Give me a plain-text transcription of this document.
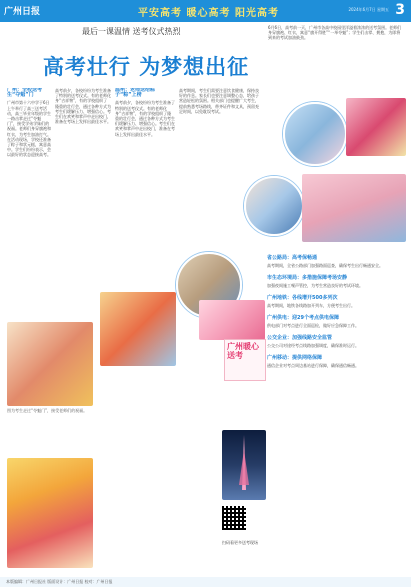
广州日报	平安高考 暖心高考 阳光高考	2024年6月7日 星期五 3
最后一课温情 送考仪式热烈	6月6日，高考前一天，广州市各高中校园里洋溢着浓浓的送考氛围。老师们身穿旗袍、红衣，寓意“旗开得胜”“一举夺魁”；学生们击掌、拥抱，为即将到来的考试加油鼓劲。
高考壮行 为梦想出征
广州：全校送考生“夺魁”门
广州市第十六中学于6日上午举行了高三送考活动，高三毕业年级的学生一路击掌走过“夺魁门”，接受学弟学妹们的祝福。老师们身穿旗袍和红衣，为考生加油打气。在活动现场，学校还准备了粽子和状元糕，寓意高中。学生们纷纷表示，会以最好的状态迎接高考。
高考前夕，各校纷纷为考生准备了特别的送考仪式。有的老师化身“吉祥物”，有的学校组织了隆重的壮行会，通过各种方式为考生们缓解压力、增强信心。考生们在欢笑和掌声中走出校门，准备在考场上发挥出最佳水平。
温州：老师送给粽子“粽”上榜
高考前夕，各校纷纷为考生准备了特别的送考仪式。有的老师化身“吉祥物”，有的学校组织了隆重的壮行会，通过各种方式为考生们缓解压力、增强信心。考生们在欢笑和掌声中走出校门，准备在考场上发挥出最佳水平。
高考期间，考生们需要注意饮食健康，保持良好的作息。家长们也要注意调整心态，给孩子营造轻松的氛围。相关部门也提醒广大考生，提前熟悉考场路线，带齐证件和文具，预留充足时间，以免耽误考试。
图为考生走过“夺魁门”，接受老师们的祝福。
广州暖心送考
扫码看更多送考现场
省公路局：高考保畅通

高考期间，全省公路部门加强路面巡查，确保考生出行畅通安全。

市生态环境局：多措施保障考场安静

加强夜间施工噪声管控，为考生营造良好的考试环境。

广州地铁：各线增开500多列次

高考期间，地铁各线路加开列车，方便考生出行。

广州供电：迎29个考点供电保障

供电部门对考点进行全面巡检，做好应急保障工作。

公交企业：加强线路安全监管

公交公司对途经考点线路加强调度，确保准时运行。

广州移动：提供网络保障

通信企业对考点周边基站进行保障，确保通信畅通。

本版编辑：广州日报社 版面设计：广州日报 校对：广州日报
